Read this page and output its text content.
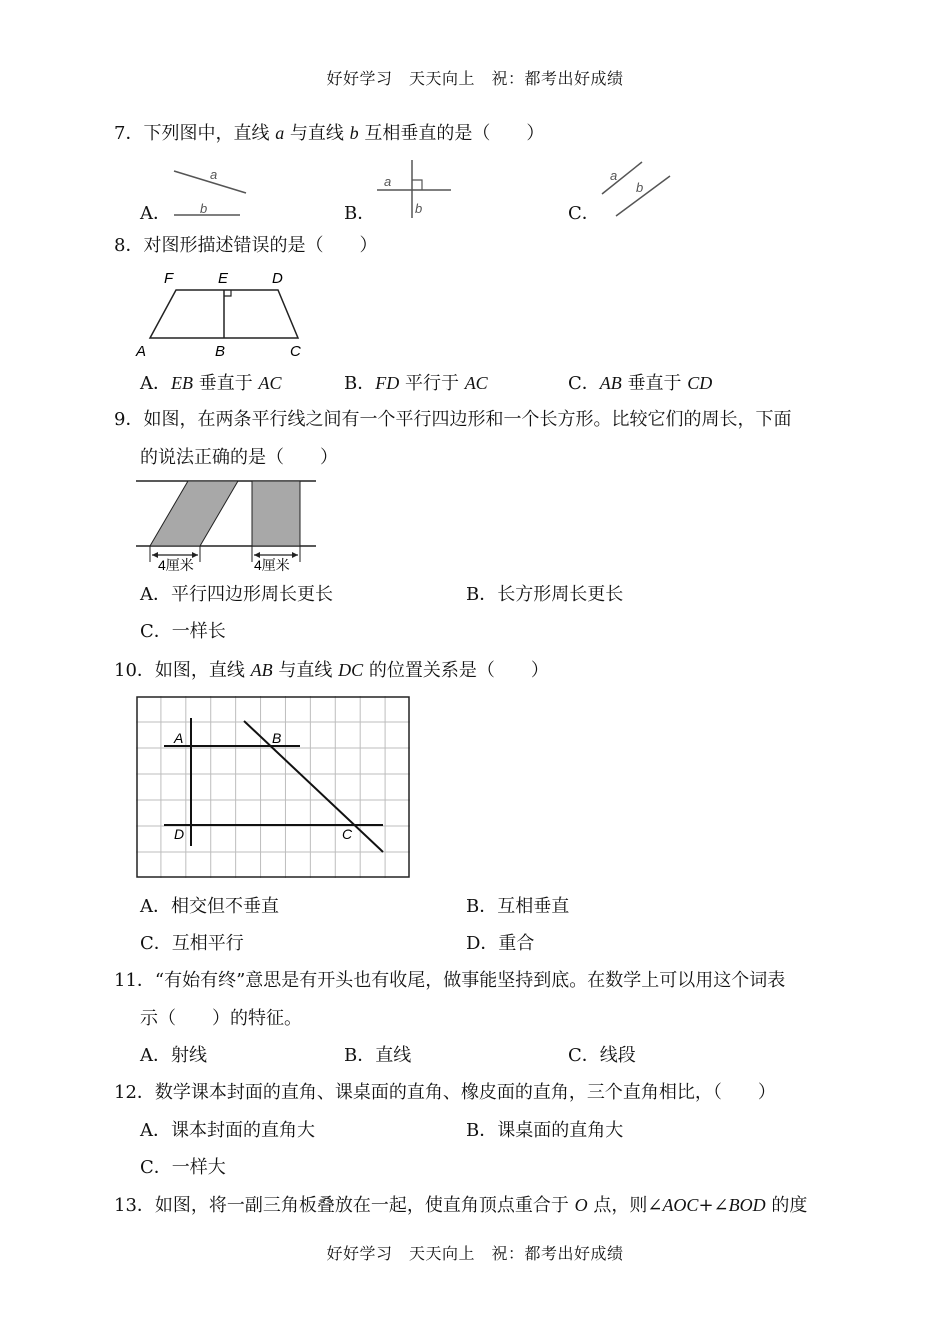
好好学习　天天向上　祝：都考出好成绩
7．下列图中，直线 a 与直线 b 互相垂直的是（　　）
A．
a
b	B．
a
b	C．
a
b
8．对图形描述错误的是（　　）
F	E	D
A	B	C
A．EB 垂直于 AC	B．FD 平行于 AC	C．AB 垂直于 CD
9．如图，在两条平行线之间有一个平行四边形和一个长方形。比较它们的周长，下面
的说法正确的是（　　）
4厘米	4厘米
A．平行四边形周长更长	B．长方形周长更长
C．一样长
10．如图，直线 AB 与直线 DC 的位置关系是（　　）
A	B
D	C
A．相交但不垂直	B．互相垂直
C．互相平行	D．重合
11．“有始有终”意思是有开头也有收尾，做事能坚持到底。在数学上可以用这个词表
示（　　）的特征。
A．射线	B．直线	C．线段
12．数学课本封面的直角、课桌面的直角、橡皮面的直角，三个直角相比，（　　）
A．课本封面的直角大	B．课桌面的直角大
C．一样大
13．如图，将一副三角板叠放在一起，使直角顶点重合于 O 点，则∠AOC+∠BOD 的度
好好学习　天天向上　祝：都考出好成绩
